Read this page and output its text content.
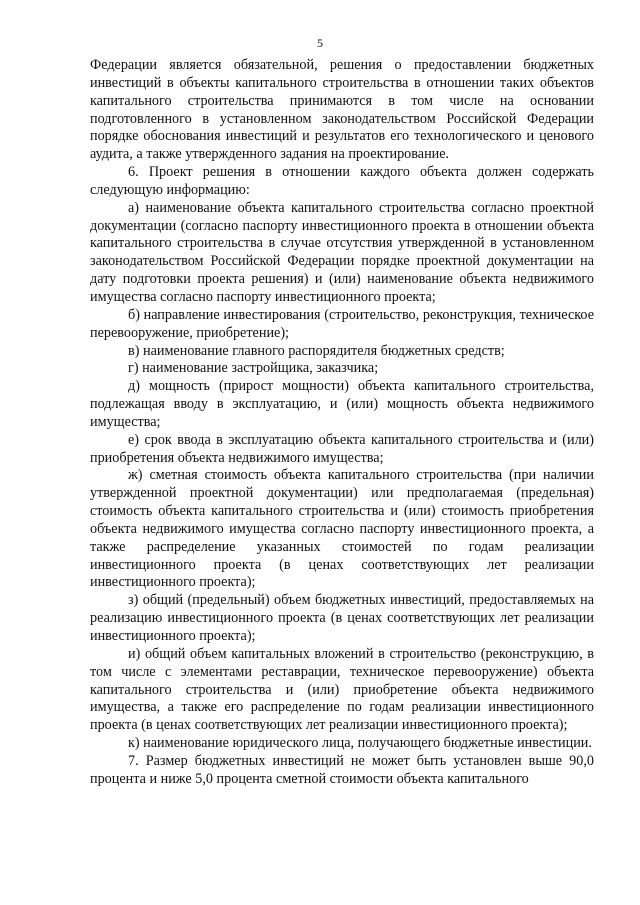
5

Федерации является обязательной, решения о предоставлении бюджетных инвестиций в объекты капитального строительства в отношении таких объектов капитального строительства принимаются в том числе на основании подготовленного в установленном законодательством Российской Федерации порядке обоснования инвестиций и результатов его технологического и ценового аудита, а также утвержденного задания на проектирование.

6. Проект решения в отношении каждого объекта должен содержать следующую информацию:

а) наименование объекта капитального строительства согласно проектной документации (согласно паспорту инвестиционного проекта в отношении объекта капитального строительства в случае отсутствия утвержденной в установленном законодательством Российской Федерации порядке проектной документации на дату подготовки проекта решения) и (или) наименование объекта недвижимого имущества согласно паспорту инвестиционного проекта;

б) направление инвестирования (строительство, реконструкция, техническое перевооружение, приобретение);

в) наименование главного распорядителя бюджетных средств;

г) наименование застройщика, заказчика;

д) мощность (прирост мощности) объекта капитального строительства, подлежащая вводу в эксплуатацию, и (или) мощность объекта недвижимого имущества;

е) срок ввода в эксплуатацию объекта капитального строительства и (или) приобретения объекта недвижимого имущества;

ж) сметная стоимость объекта капитального строительства (при наличии утвержденной проектной документации) или предполагаемая (предельная) стоимость объекта капитального строительства и (или) стоимость приобретения объекта недвижимого имущества согласно паспорту инвестиционного проекта, а также распределение указанных стоимостей по годам реализации инвестиционного проекта (в ценах соответствующих лет реализации инвестиционного проекта);

з) общий (предельный) объем бюджетных инвестиций, предоставляемых на реализацию инвестиционного проекта (в ценах соответствующих лет реализации инвестиционного проекта);

и) общий объем капитальных вложений в строительство (реконструкцию, в том числе с элементами реставрации, техническое перевооружение) объекта капитального строительства и (или) приобретение объекта недвижимого имущества, а также его распределение по годам реализации инвестиционного проекта (в ценах соответствующих лет реализации инвестиционного проекта);

к) наименование юридического лица, получающего бюджетные инвестиции.

7. Размер бюджетных инвестиций не может быть установлен выше 90,0 процента и ниже 5,0 процента сметной стоимости объекта капитального
